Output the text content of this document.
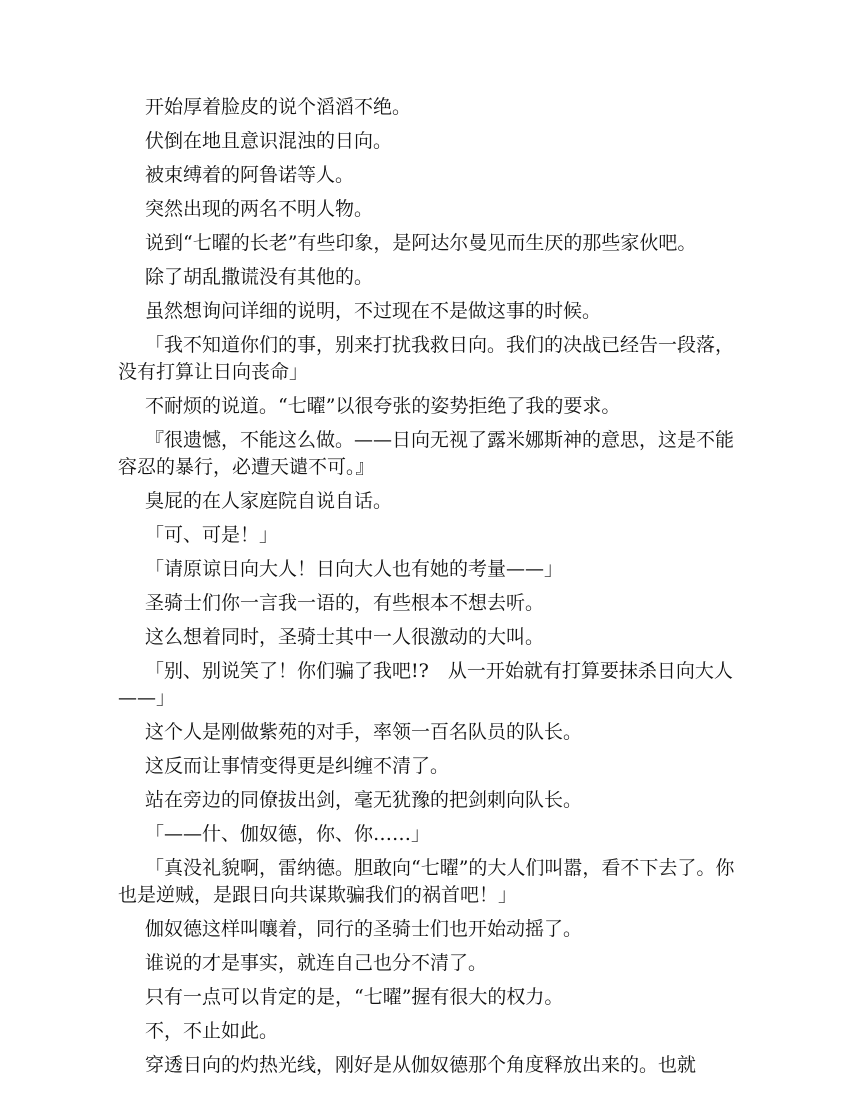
开始厚着脸皮的说个滔滔不绝。

伏倒在地且意识混浊的日向。

被束缚着的阿鲁诺等人。

突然出现的两名不明人物。

说到“七曜的长老”有些印象，是阿达尔曼见而生厌的那些家伙吧。

除了胡乱撒谎没有其他的。

虽然想询问详细的说明，不过现在不是做这事的时候。

「我不知道你们的事，别来打扰我救日向。我们的决战已经告一段落，没有打算让日向丧命」

不耐烦的说道。“七曜”以很夸张的姿势拒绝了我的要求。

『很遗憾，不能这么做。——日向无视了露米娜斯神的意思，这是不能容忍的暴行，必遭天谴不可。』

臭屁的在人家庭院自说自话。

「可、可是！」

「请原谅日向大人！日向大人也有她的考量——」

圣骑士们你一言我一语的，有些根本不想去听。

这么想着同时，圣骑士其中一人很激动的大叫。

「别、别说笑了！你们骗了我吧!?　从一开始就有打算要抹杀日向大人——」

这个人是刚做紫苑的对手，率领一百名队员的队长。

这反而让事情变得更是纠缠不清了。

站在旁边的同僚拔出剑，毫无犹豫的把剑刺向队长。

「——什、伽奴德，你、你……」

「真没礼貌啊，雷纳德。胆敢向“七曜”的大人们叫嚣，看不下去了。你也是逆贼，是跟日向共谋欺骗我们的祸首吧！」

伽奴德这样叫嚷着，同行的圣骑士们也开始动摇了。

谁说的才是事实，就连自己也分不清了。

只有一点可以肯定的是，“七曜”握有很大的权力。

不，不止如此。

穿透日向的灼热光线，刚好是从伽奴德那个角度释放出来的。也就
